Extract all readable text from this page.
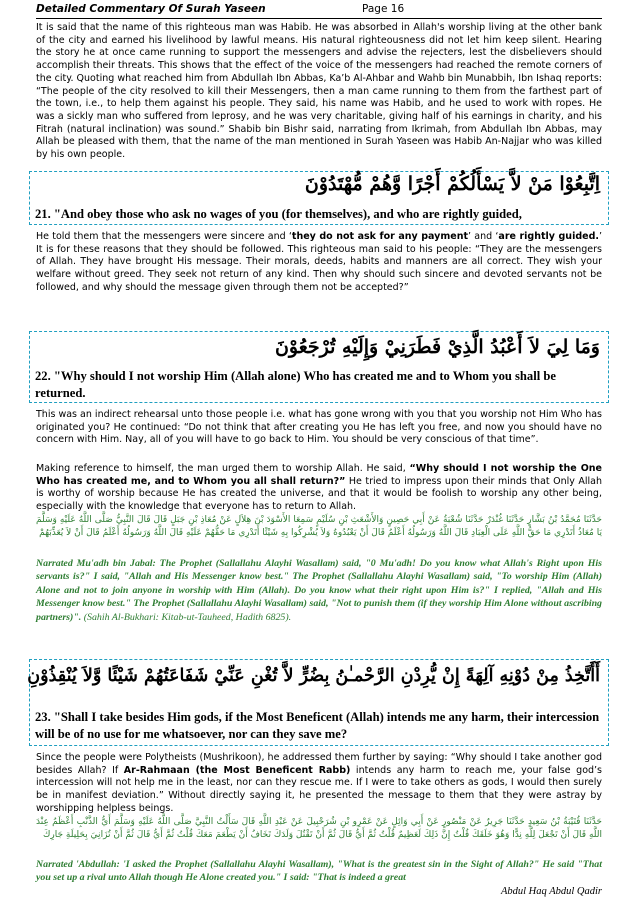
Detailed Commentary Of Surah Yaseen	Page 16

It is said that the name of this righteous man was Habib. He was absorbed in Allah's worship living at the other bank of the city and earned his livelihood by lawful means. His natural righteousness did not let him keep silent. Hearing the story he at once came running to support the messengers and advise the rejecters, lest the disbelievers should accomplish their threats. This shows that the effect of the voice of the messengers had reached the remote corners of the city. Quoting what reached him from Abdullah Ibn Abbas, Ka’b Al-Ahbar and Wahb bin Munabbih, Ibn Ishaq reports: “The people of the city resolved to kill their Messengers, then a man came running to them from the farthest part of the town, i.e., to help them against his people. They said, his name was Habib, and he used to work with ropes. He was a sickly man who suffered from leprosy, and he was very charitable, giving half of his earnings in charity, and his Fitrah (natural inclination) was sound.” Shabib bin Bishr said, narrating from Ikrimah, from Abdullah Ibn Abbas, may Allah be pleased with them, that the name of the man mentioned in Surah Yaseen was Habib An-Najjar who was killed by his own people.

اِتَّبِعُوْا مَنْ لاَّ يَسْأَلُكُمْ أَجْرًا وَّهُمْ مُّهْتَدُوْنَ
21. "And obey those who ask no wages of you (for themselves), and who are rightly guided,

He told them that the messengers were sincere and ‘they do not ask for any payment’ and ‘are rightly guided.’ It is for these reasons that they should be followed. This righteous man said to his people: “They are the messengers of Allah. They have brought His message. Their morals, deeds, habits and manners are all correct. They wish your welfare without greed. They seek not return of any kind. Then why should such sincere and devoted servants not be followed, and why should the message given through them not be accepted?”

وَمَا لِيَ لاَ أَعْبُدُ الَّذِيْ فَطَرَنِيْ وَإِلَيْهِ تُرْجَعُوْنَ
22. "Why should I not worship Him (Allah alone) Who has created me and to Whom you shall be returned.

This was an indirect rehearsal unto those people i.e. what has gone wrong with you that you worship not Him Who has originated you? He continued: “Do not think that after creating you He has left you free, and now you should have no concern with Him. Nay, all of you will have to go back to Him. You should be very conscious of that time”.

Making reference to himself, the man urged them to worship Allah. He said, “Why should I not worship the One Who has created me, and to Whom you all shall return?” He tried to impress upon their minds that Only Allah is worthy of worship because He has created the universe, and that it would be foolish to worship any other being, especially with the knowledge that everyone has to return to Allah.

حَدَّثَنَا مُحَمَّدُ بْنُ بَشَّارٍ حَدَّثَنَا غُنْدَرٌ حَدَّثَنَا شُعْبَةُ عَنْ أَبِي حَصِينٍ وَالأَشْعَثِ بْنِ سُلَيْمٍ سَمِعَا الأَسْوَدَ بْنَ هِلاَلٍ عَنْ مُعَاذِ بْنِ جَبَلٍ قَالَ قَالَ النَّبِيُّ صَلَّى اللَّهُ عَلَيْهِ وَسَلَّمَ يَا مُعَاذُ أَتَدْرِي مَا حَقُّ اللَّهِ عَلَى الْعِبَادِ قَالَ اللَّهُ وَرَسُولُهُ أَعْلَمُ قَالَ أَنْ يَعْبُدُوهُ وَلاَ يُشْرِكُوا بِهِ شَيْئًا أَتَدْرِي مَا حَقُّهُمْ عَلَيْهِ قَالَ اللَّهُ وَرَسُولُهُ أَعْلَمُ قَالَ أَنْ لاَ يُعَذِّبَهُمْ

Narrated Mu'adh bin Jabal: The Prophet (Sallallahu Alayhi Wasallam) said, "0 Mu'adh! Do you know what Allah's Right upon His servants is?" I said, "Allah and His Messenger know best." The Prophet (Sallallahu Alayhi Wasallam) said, "To worship Him (Allah) Alone and not to join anyone in worship with Him (Allah). Do you know what their right upon Him is?" I replied, "Allah and His Messenger know best." The Prophet (Sallallahu Alayhi Wasallam) said, "Not to punish them (if they worship Him Alone without ascribing partners)". (Sahih Al-Bukhari: Kitab-ut-Tauheed, Hadith 6825).

أَأَتَّخِذُ مِنْ دُوْنِهِ آلِهَةً إِنْ يُّرِدْنِ الرَّحْمـٰنُ بِضُرٍّ لاَّ تُغْنِ عَنِّيْ شَفَاعَتُهُمْ شَيْئًا وَّلاَ يُنْقِذُوْنِ
23. "Shall I take besides Him gods, if the Most Beneficent (Allah) intends me any harm, their intercession will be of no use for me whatsoever, nor can they save me?

Since the people were Polytheists (Mushrikoon), he addressed them further by saying: “Why should I take another god besides Allah? If Ar-Rahmaan (the Most Beneficent Rabb) intends any harm to reach me, your false god’s intercession will not help me in the least, nor can they rescue me. If I were to take others as gods, I would then surely be in manifest deviation.” Without directly saying it, he presented the message to them that they were astray by worshipping helpless beings.

حَدَّثَنَا قُتَيْبَةُ بْنُ سَعِيدٍ حَدَّثَنَا جَرِيرٌ عَنْ مَنْصُورٍ عَنْ أَبِي وَائِلٍ عَنْ عَمْرِو بْنِ شُرَحْبِيلَ عَنْ عَبْدِ اللَّهِ قَالَ سَأَلْتُ النَّبِيَّ صَلَّى اللَّهُ عَلَيْهِ وَسَلَّمَ أَيُّ الذَّنْبِ أَعْظَمُ عِنْدَ اللَّهِ قَالَ أَنْ تَجْعَلَ لِلَّهِ نِدًّا وَهُوَ خَلَقَكَ قُلْتُ إِنَّ ذَلِكَ لَعَظِيمٌ قُلْتُ ثُمَّ أَيُّ قَالَ ثُمَّ أَنْ تَقْتُلَ وَلَدَكَ تَخَافُ أَنْ يَطْعَمَ مَعَكَ قُلْتُ ثُمَّ أَيُّ قَالَ ثُمَّ أَنْ تُزَانِيَ بِحَلِيلَةِ جَارِكَ

Narrated 'Abdullah: 'I asked the Prophet (Sallallahu Alayhi Wasallam), "What is the greatest sin in the Sight of Allah?" He said "That you set up a rival unto Allah though He Alone created you." I said: "That is indeed a great

Abdul Haq Abdul Qadir
